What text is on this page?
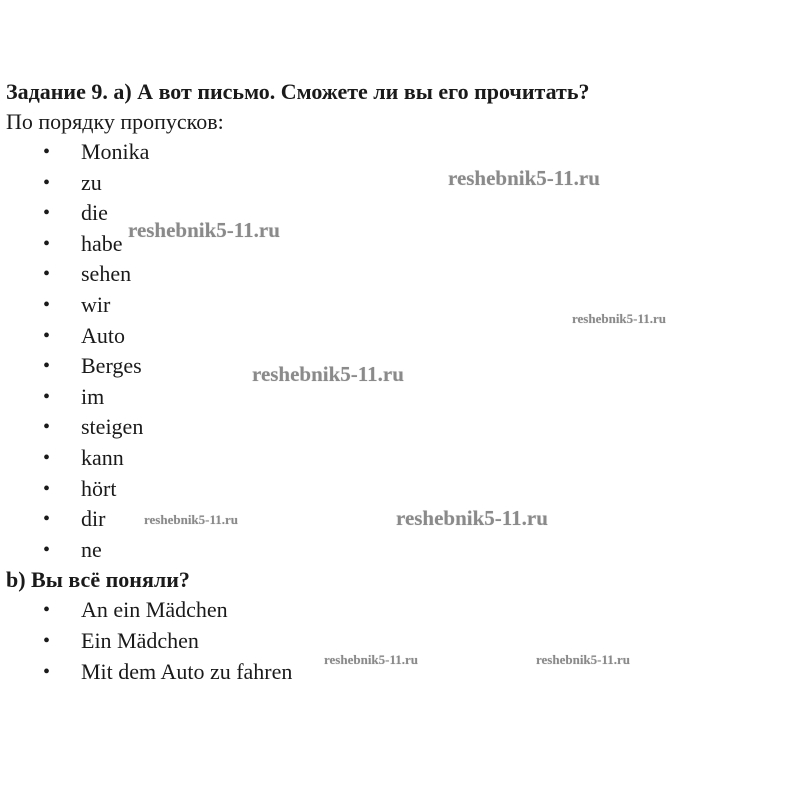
Задание 9. а) А вот письмо. Сможете ли вы его прочитать?

По порядку пропусков:

• Monika
• zu
• die
• habe
• sehen
• wir
• Auto
• Berges
• im
• steigen
• kann
• hört
• dir
• ne

b) Вы всё поняли?

• An ein Mädchen
• Ein Mädchen
• Mit dem Auto zu fahren
reshebnik5-11.ru
reshebnik5-11.ru
reshebnik5-11.ru
reshebnik5-11.ru
reshebnik5-11.ru	reshebnik5-11.ru
reshebnik5-11.ru	reshebnik5-11.ru
